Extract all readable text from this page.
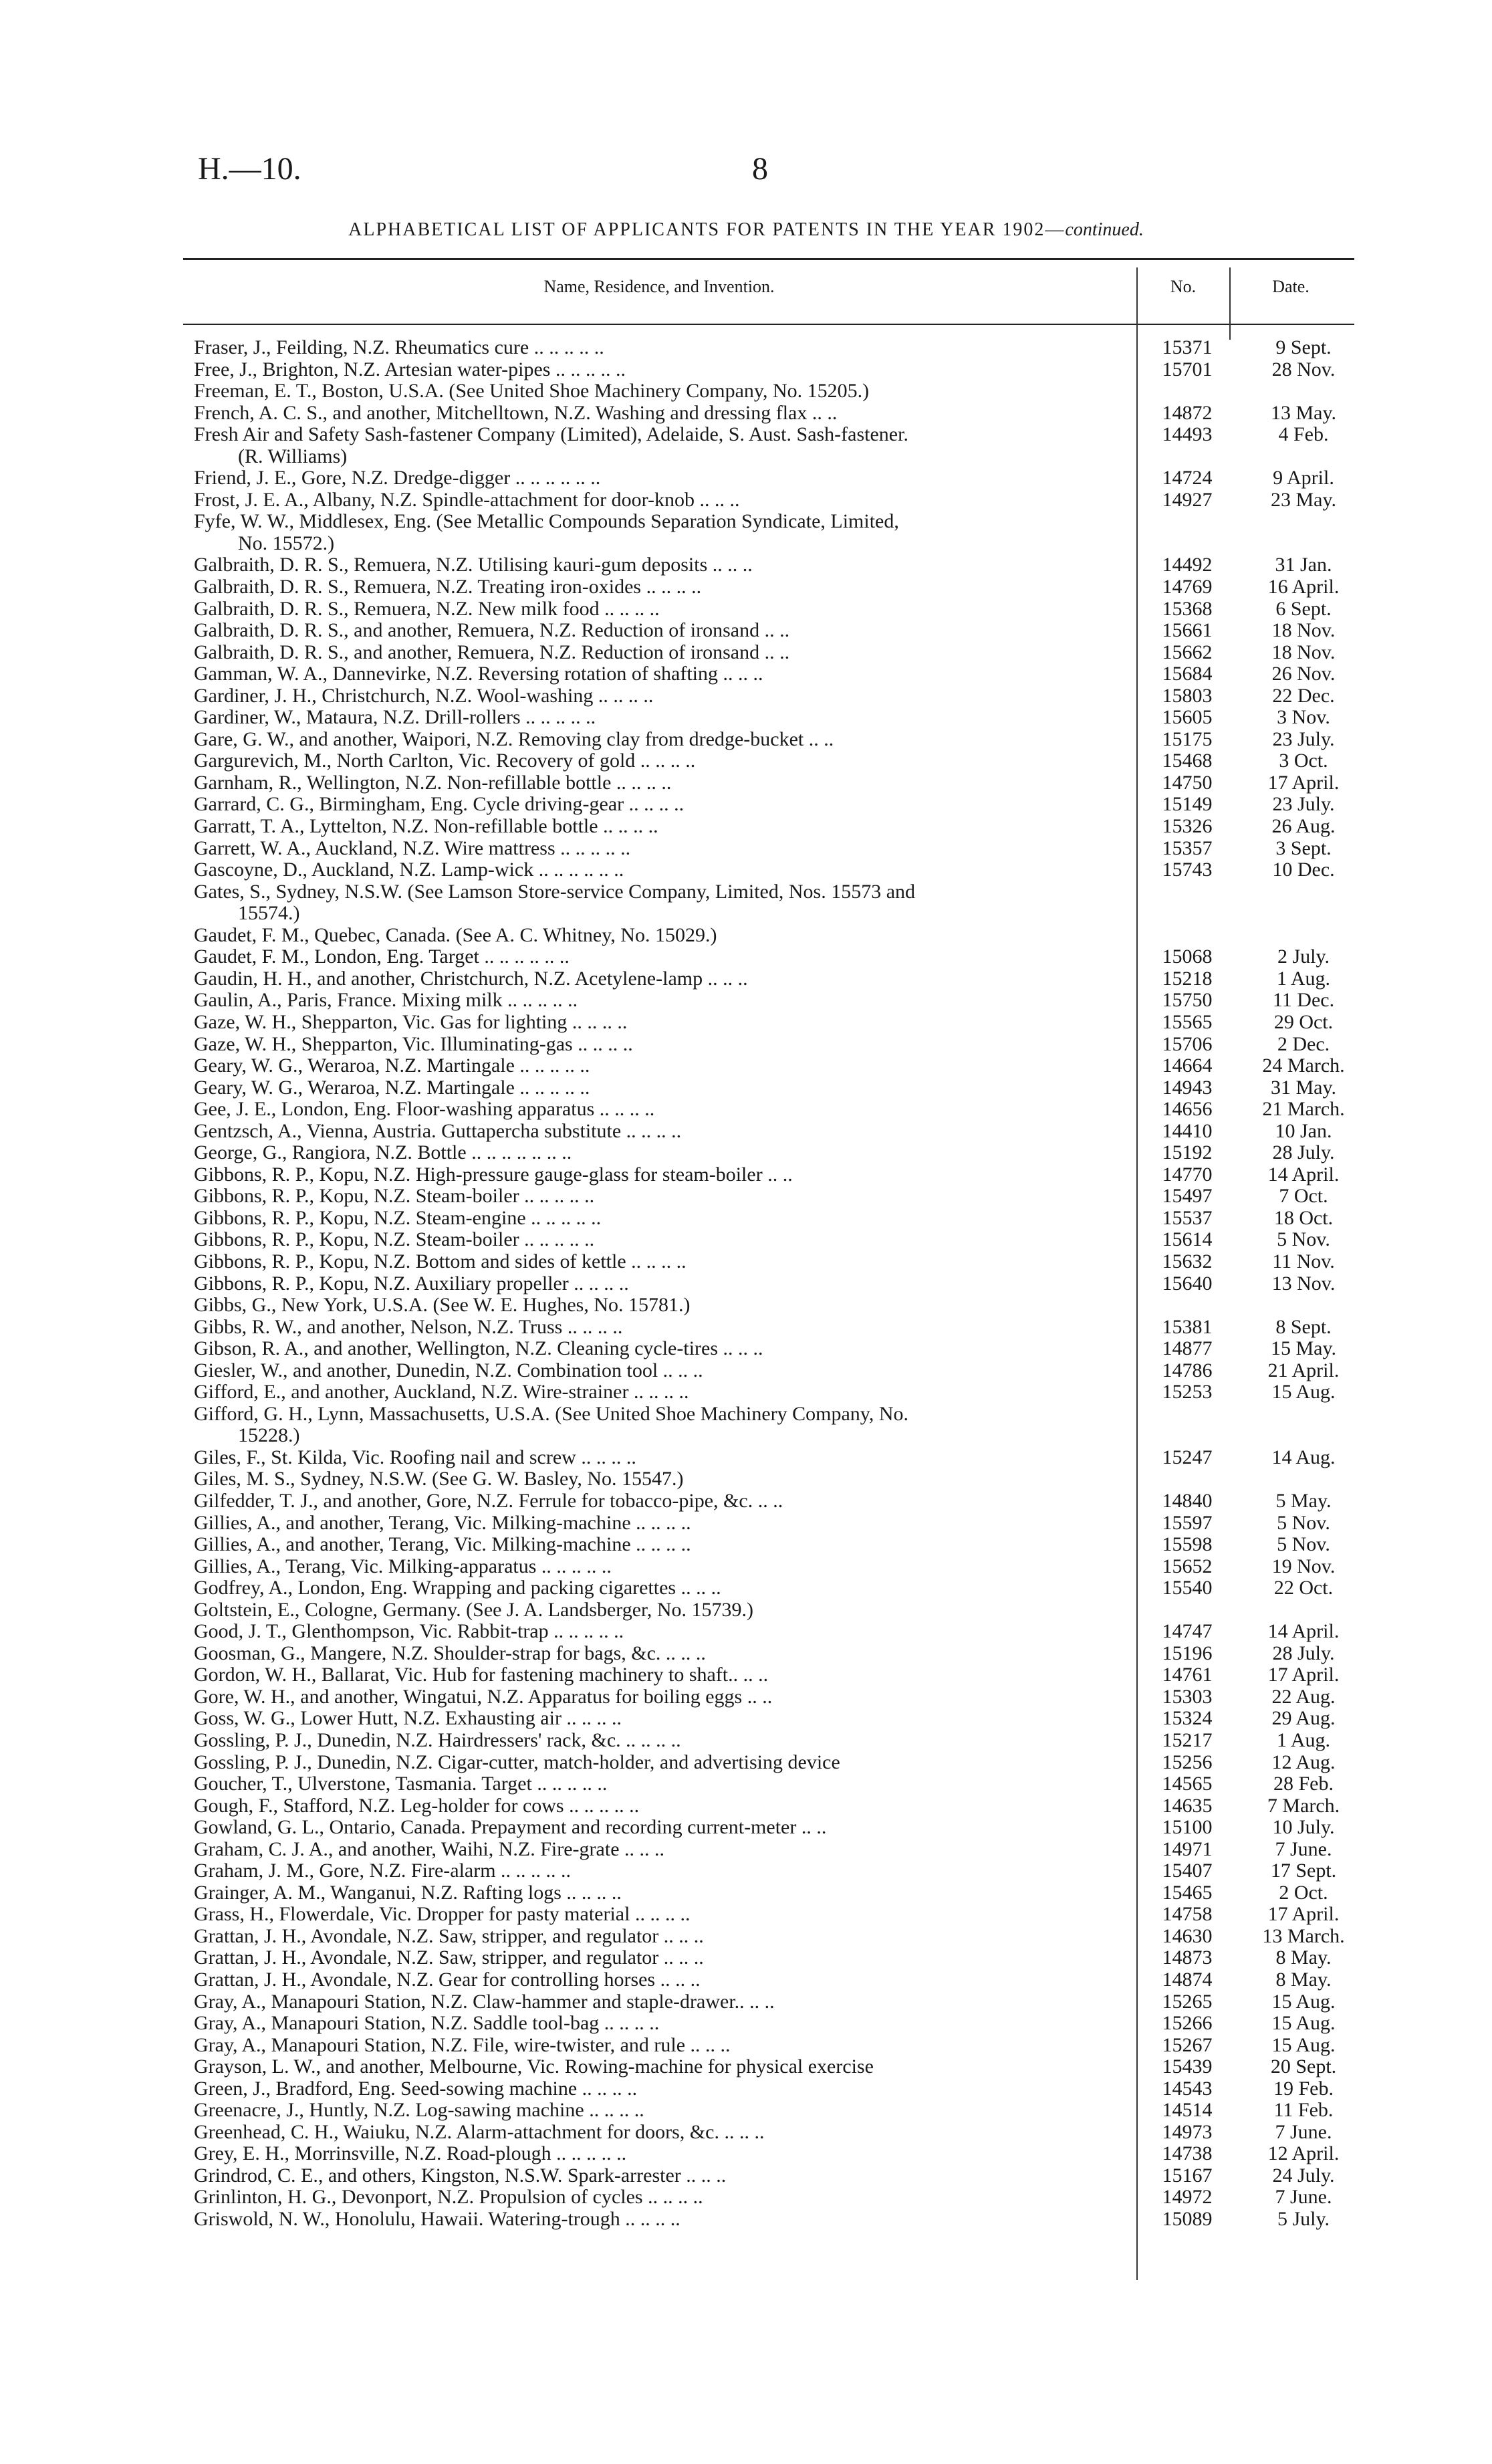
H.—10.	8
ALPHABETICAL LIST OF APPLICANTS FOR PATENTS IN THE YEAR 1902—continued.
Name, Residence, and Invention.	No.	Date.
Fraser, J., Feilding, N.Z. Rheumatics cure .. .. .. .. ..	15371	9 Sept.
Free, J., Brighton, N.Z. Artesian water-pipes .. .. .. .. ..	15701	28 Nov.
Freeman, E. T., Boston, U.S.A. (See United Shoe Machinery Company, No. 15205.)
French, A. C. S., and another, Mitchelltown, N.Z. Washing and dressing flax .. ..	14872	13 May.
Fresh Air and Safety Sash-fastener Company (Limited), Adelaide, S. Aust. Sash-fastener.	14493	4 Feb.
(R. Williams)
Friend, J. E., Gore, N.Z. Dredge-digger .. .. .. .. .. ..	14724	9 April.
Frost, J. E. A., Albany, N.Z. Spindle-attachment for door-knob .. .. ..	14927	23 May.
Fyfe, W. W., Middlesex, Eng. (See Metallic Compounds Separation Syndicate, Limited,
No. 15572.)
Galbraith, D. R. S., Remuera, N.Z. Utilising kauri-gum deposits .. .. ..	14492	31 Jan.
Galbraith, D. R. S., Remuera, N.Z. Treating iron-oxides .. .. .. ..	14769	16 April.
Galbraith, D. R. S., Remuera, N.Z. New milk food .. .. .. ..	15368	6 Sept.
Galbraith, D. R. S., and another, Remuera, N.Z. Reduction of ironsand .. ..	15661	18 Nov.
Galbraith, D. R. S., and another, Remuera, N.Z. Reduction of ironsand .. ..	15662	18 Nov.
Gamman, W. A., Dannevirke, N.Z. Reversing rotation of shafting .. .. ..	15684	26 Nov.
Gardiner, J. H., Christchurch, N.Z. Wool-washing .. .. .. ..	15803	22 Dec.
Gardiner, W., Mataura, N.Z. Drill-rollers .. .. .. .. ..	15605	3 Nov.
Gare, G. W., and another, Waipori, N.Z. Removing clay from dredge-bucket .. ..	15175	23 July.
Gargurevich, M., North Carlton, Vic. Recovery of gold .. .. .. ..	15468	3 Oct.
Garnham, R., Wellington, N.Z. Non-refillable bottle .. .. .. ..	14750	17 April.
Garrard, C. G., Birmingham, Eng. Cycle driving-gear .. .. .. ..	15149	23 July.
Garratt, T. A., Lyttelton, N.Z. Non-refillable bottle .. .. .. ..	15326	26 Aug.
Garrett, W. A., Auckland, N.Z. Wire mattress .. .. .. .. ..	15357	3 Sept.
Gascoyne, D., Auckland, N.Z. Lamp-wick .. .. .. .. .. ..	15743	10 Dec.
Gates, S., Sydney, N.S.W. (See Lamson Store-service Company, Limited, Nos. 15573 and
15574.)
Gaudet, F. M., Quebec, Canada. (See A. C. Whitney, No. 15029.)
Gaudet, F. M., London, Eng. Target .. .. .. .. .. ..	15068	2 July.
Gaudin, H. H., and another, Christchurch, N.Z. Acetylene-lamp .. .. ..	15218	1 Aug.
Gaulin, A., Paris, France. Mixing milk .. .. .. .. ..	15750	11 Dec.
Gaze, W. H., Shepparton, Vic. Gas for lighting .. .. .. ..	15565	29 Oct.
Gaze, W. H., Shepparton, Vic. Illuminating-gas .. .. .. ..	15706	2 Dec.
Geary, W. G., Weraroa, N.Z. Martingale .. .. .. .. ..	14664	24 March.
Geary, W. G., Weraroa, N.Z. Martingale .. .. .. .. ..	14943	31 May.
Gee, J. E., London, Eng. Floor-washing apparatus .. .. .. ..	14656	21 March.
Gentzsch, A., Vienna, Austria. Guttapercha substitute .. .. .. ..	14410	10 Jan.
George, G., Rangiora, N.Z. Bottle .. .. .. .. .. .. ..	15192	28 July.
Gibbons, R. P., Kopu, N.Z. High-pressure gauge-glass for steam-boiler .. ..	14770	14 April.
Gibbons, R. P., Kopu, N.Z. Steam-boiler .. .. .. .. ..	15497	7 Oct.
Gibbons, R. P., Kopu, N.Z. Steam-engine .. .. .. .. ..	15537	18 Oct.
Gibbons, R. P., Kopu, N.Z. Steam-boiler .. .. .. .. ..	15614	5 Nov.
Gibbons, R. P., Kopu, N.Z. Bottom and sides of kettle .. .. .. ..	15632	11 Nov.
Gibbons, R. P., Kopu, N.Z. Auxiliary propeller .. .. .. ..	15640	13 Nov.
Gibbs, G., New York, U.S.A. (See W. E. Hughes, No. 15781.)
Gibbs, R. W., and another, Nelson, N.Z. Truss .. .. .. ..	15381	8 Sept.
Gibson, R. A., and another, Wellington, N.Z. Cleaning cycle-tires .. .. ..	14877	15 May.
Giesler, W., and another, Dunedin, N.Z. Combination tool .. .. ..	14786	21 April.
Gifford, E., and another, Auckland, N.Z. Wire-strainer .. .. .. ..	15253	15 Aug.
Gifford, G. H., Lynn, Massachusetts, U.S.A. (See United Shoe Machinery Company, No.
15228.)
Giles, F., St. Kilda, Vic. Roofing nail and screw .. .. .. ..	15247	14 Aug.
Giles, M. S., Sydney, N.S.W. (See G. W. Basley, No. 15547.)
Gilfedder, T. J., and another, Gore, N.Z. Ferrule for tobacco-pipe, &c. .. ..	14840	5 May.
Gillies, A., and another, Terang, Vic. Milking-machine .. .. .. ..	15597	5 Nov.
Gillies, A., and another, Terang, Vic. Milking-machine .. .. .. ..	15598	5 Nov.
Gillies, A., Terang, Vic. Milking-apparatus .. .. .. .. ..	15652	19 Nov.
Godfrey, A., London, Eng. Wrapping and packing cigarettes .. .. ..	15540	22 Oct.
Goltstein, E., Cologne, Germany. (See J. A. Landsberger, No. 15739.)
Good, J. T., Glenthompson, Vic. Rabbit-trap .. .. .. .. ..	14747	14 April.
Goosman, G., Mangere, N.Z. Shoulder-strap for bags, &c. .. .. ..	15196	28 July.
Gordon, W. H., Ballarat, Vic. Hub for fastening machinery to shaft.. .. ..	14761	17 April.
Gore, W. H., and another, Wingatui, N.Z. Apparatus for boiling eggs .. ..	15303	22 Aug.
Goss, W. G., Lower Hutt, N.Z. Exhausting air .. .. .. ..	15324	29 Aug.
Gossling, P. J., Dunedin, N.Z. Hairdressers' rack, &c. .. .. .. ..	15217	1 Aug.
Gossling, P. J., Dunedin, N.Z. Cigar-cutter, match-holder, and advertising device	15256	12 Aug.
Goucher, T., Ulverstone, Tasmania. Target .. .. .. .. ..	14565	28 Feb.
Gough, F., Stafford, N.Z. Leg-holder for cows .. .. .. .. ..	14635	7 March.
Gowland, G. L., Ontario, Canada. Prepayment and recording current-meter .. ..	15100	10 July.
Graham, C. J. A., and another, Waihi, N.Z. Fire-grate .. .. ..	14971	7 June.
Graham, J. M., Gore, N.Z. Fire-alarm .. .. .. .. ..	15407	17 Sept.
Grainger, A. M., Wanganui, N.Z. Rafting logs .. .. .. ..	15465	2 Oct.
Grass, H., Flowerdale, Vic. Dropper for pasty material .. .. .. ..	14758	17 April.
Grattan, J. H., Avondale, N.Z. Saw, stripper, and regulator .. .. ..	14630	13 March.
Grattan, J. H., Avondale, N.Z. Saw, stripper, and regulator .. .. ..	14873	8 May.
Grattan, J. H., Avondale, N.Z. Gear for controlling horses .. .. ..	14874	8 May.
Gray, A., Manapouri Station, N.Z. Claw-hammer and staple-drawer.. .. ..	15265	15 Aug.
Gray, A., Manapouri Station, N.Z. Saddle tool-bag .. .. .. ..	15266	15 Aug.
Gray, A., Manapouri Station, N.Z. File, wire-twister, and rule .. .. ..	15267	15 Aug.
Grayson, L. W., and another, Melbourne, Vic. Rowing-machine for physical exercise	15439	20 Sept.
Green, J., Bradford, Eng. Seed-sowing machine .. .. .. ..	14543	19 Feb.
Greenacre, J., Huntly, N.Z. Log-sawing machine .. .. .. ..	14514	11 Feb.
Greenhead, C. H., Waiuku, N.Z. Alarm-attachment for doors, &c. .. .. ..	14973	7 June.
Grey, E. H., Morrinsville, N.Z. Road-plough .. .. .. .. ..	14738	12 April.
Grindrod, C. E., and others, Kingston, N.S.W. Spark-arrester .. .. ..	15167	24 July.
Grinlinton, H. G., Devonport, N.Z. Propulsion of cycles .. .. .. ..	14972	7 June.
Griswold, N. W., Honolulu, Hawaii. Watering-trough .. .. .. ..	15089	5 July.
